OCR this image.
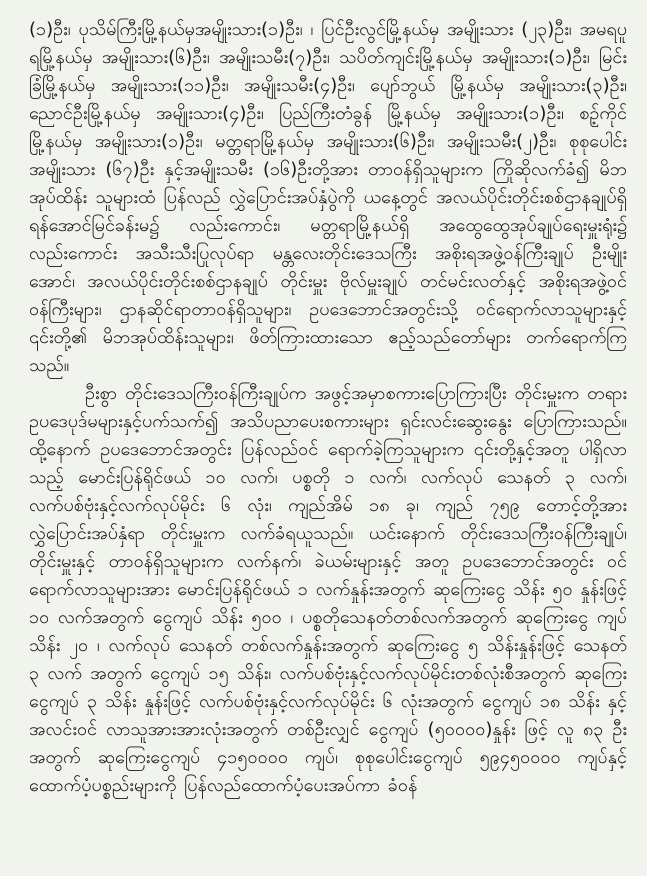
(၁)ဦး၊ ပုသိမ်ကြီးမြို့နယ်မှအမျိုးသား(၁)ဦး၊ ၊ ပြင်ဦးလွင်မြို့နယ်မှ အမျိုးသား (၂၃)ဦး၊ အမရပူရမြို့နယ်မှ အမျိုးသား(၆)ဦး၊ အမျိုးသမီး(၇)ဦး၊ သပိတ်ကျင်းမြို့နယ်မှ အမျိုးသား(၁)ဦး၊ မြင်းခြံမြို့နယ်မှ အမျိုးသား(၁၁)ဦး၊ အမျိုးသမီး(၄)ဦး၊ ပျော်ဘွယ် မြို့နယ်မှ အမျိုးသား(၃)ဦး၊ ညောင်ဦးမြို့နယ်မှ အမျိုးသား(၄)ဦး၊ ပြည်ကြီးတံခွန် မြို့နယ်မှ အမျိုးသား(၁)ဦး၊ စဉ့်ကိုင်မြို့နယ်မှ အမျိုးသား(၁)ဦး၊ မတ္တရာမြို့နယ်မှ အမျိုးသား(၆)ဦး၊ အမျိုးသမီး(၂)ဦး၊ စုစုပေါင်း အမျိုးသား (၆၇)ဦး နှင့်အမျိုးသမီး (၁၆)ဦးတို့အား တာဝန်ရှိသူများက ကြိုဆိုလက်ခံ၍ မိဘအုပ်ထိန်း သူများထံ ပြန်လည် လွှဲပြောင်းအပ်နှံပွဲကို ယနေ့တွင် အလယ်ပိုင်းတိုင်းစစ်ဌာနချုပ်ရှိ ရန်အောင်မြင်ခန်းမ၌ လည်းကောင်း၊ မတ္တရာမြို့နယ်ရှိ အထွေထွေအုပ်ချုပ်ရေးမှူးရုံး၌ လည်းကောင်း အသီးသီးပြုလုပ်ရာ မန္တလေးတိုင်းဒေသကြီး အစိုးရအဖွဲ့ဝန်ကြီးချုပ် ဦးမျိုးအောင်၊ အလယ်ပိုင်းတိုင်းစစ်ဌာနချုပ် တိုင်းမှူး ဗိုလ်မှူးချုပ် တင်မင်းလတ်နှင့် အစိုးရအဖွဲ့ဝင် ဝန်ကြီးများ၊ ဌာနဆိုင်ရာတာဝန်ရှိသူများ၊ ဥပဒေဘောင်အတွင်းသို့ ဝင်ရောက်လာသူများနှင့် ၎င်းတို့၏ မိဘအုပ်ထိန်းသူများ၊ ဖိတ်ကြားထားသော ဧည့်သည်တော်များ တက်ရောက်ကြသည်။

ဦးစွာ တိုင်းဒေသကြီးဝန်ကြီးချုပ်က အဖွင့်အမှာစကားပြောကြားပြီး တိုင်းမှူးက တရားဥပဒေပုဒ်မများနှင့်ပက်သက်၍ အသိပညာပေးစကားများ ရှင်းလင်းဆွေးနွေး ပြောကြားသည်။ ထို့နောက် ဥပဒေဘောင်အတွင်း ပြန်လည်ဝင် ရောက်ခဲ့ကြသူများက ၎င်းတို့နှင့်အတူ ပါရှိလာသည့် မောင်းပြန်ရိုင်ဖယ် ၁၀ လက်၊ ပစ္စတို ၁ လက်၊ လက်လုပ် သေနတ် ၃ လက်၊ လက်ပစ်ဗုံးနှင့်လက်လုပ်မိုင်း ၆ လုံး၊ ကျည်အိမ် ၁၈ ခု၊ ကျည် ၇၅၉ တောင့်တို့အား လွှဲပြောင်းအပ်နှံရာ တိုင်းမှူးက လက်ခံရယူသည်။ ယင်းနောက် တိုင်းဒေသကြီးဝန်ကြီးချုပ်၊ တိုင်းမှူးနှင့် တာဝန်ရှိသူများက လက်နက်၊ ခဲယမ်းများနှင့် အတူ ဥပဒေဘောင်အတွင်း ဝင်ရောက်လာသူများအား မောင်းပြန်ရိုင်ဖယ် ၁ လက်နှုန်းအတွက် ဆုကြေးငွေ သိန်း ၅၀ နှုန်းဖြင့် ၁၀ လက်အတွက် ငွေကျပ် သိန်း ၅၀၀ ၊ ပစ္စတိုသေနတ်တစ်လက်အတွက် ဆုကြေးငွေ ကျပ်သိန်း ၂၀ ၊ လက်လုပ် သေနတ် တစ်လက်နှုန်းအတွက် ဆုကြေးငွေ ၅ သိန်းနှုန်းဖြင့် သေနတ် ၃ လက် အတွက် ငွေကျပ် ၁၅ သိန်း၊ လက်ပစ်ဗုံးနှင့်လက်လုပ်မိုင်းတစ်လုံးစီအတွက် ဆုကြေး ငွေကျပ် ၃ သိန်း နှုန်းဖြင့် လက်ပစ်ဗုံးနှင့်လက်လုပ်မိုင်း ၆ လုံးအတွက် ငွေကျပ် ၁၈ သိန်း နှင့် အလင်းဝင် လာသူအားအားလုံးအတွက် တစ်ဦးလျှင် ငွေကျပ် (၅၀၀၀၀)နှုန်း ဖြင့် လူ ၈၃ ဦးအတွက် ဆုကြေးငွေကျပ် ၄၁၅၀၀၀၀ ကျပ်၊ စုစုပေါင်းငွေကျပ် ၅၉၄၅၀၀၀၀ ကျပ်နှင့် ထောက်ပံ့ပစ္စည်းများကို ပြန်လည်ထောက်ပံ့ပေးအပ်ကာ ခံဝန်
